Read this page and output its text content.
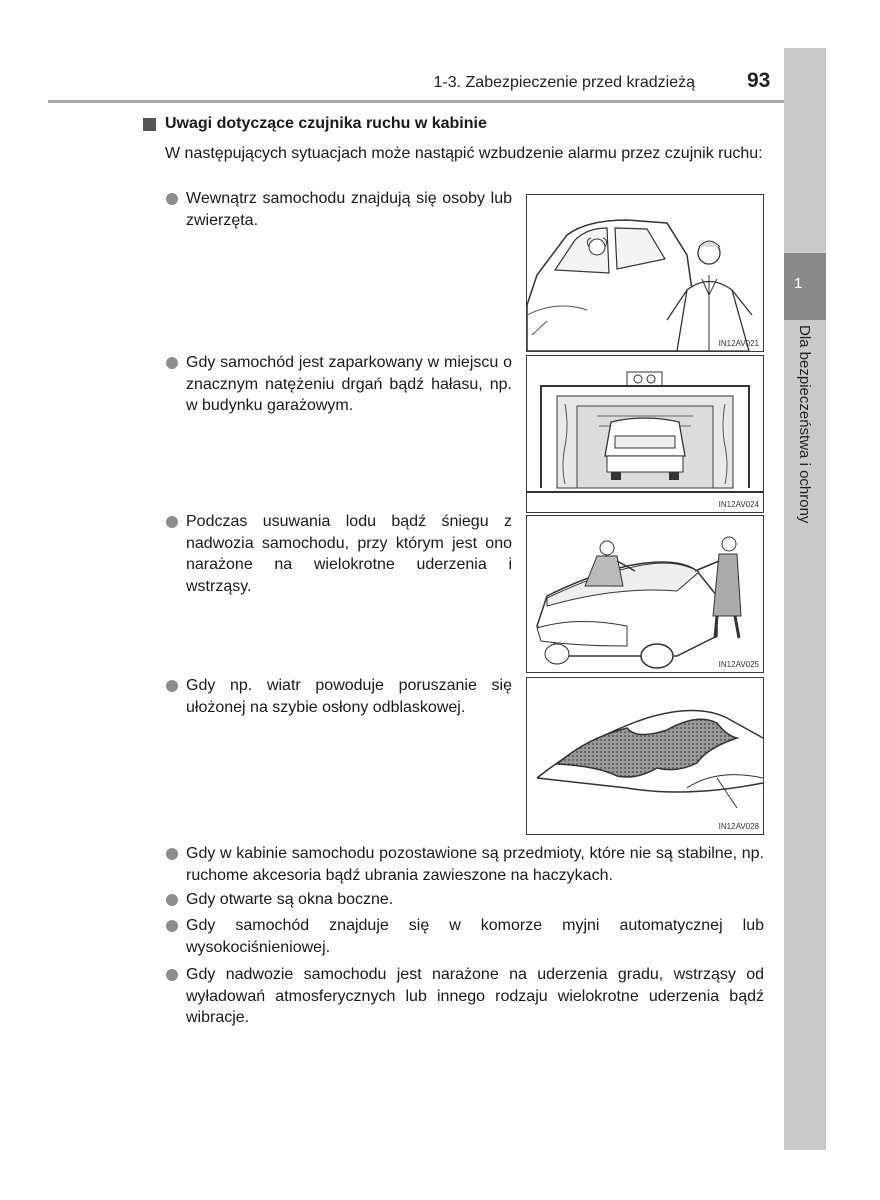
1-3. Zabezpieczenie przed kradzieżą 93
1
Dla bezpieczeństwa i ochrony
Uwagi dotyczące czujnika ruchu w kabinie
W następujących sytuacjach może nastąpić wzbudzenie alarmu przez czujnik ruchu:
Wewnątrz samochodu znajdują się osoby lub zwierzęta.
Gdy samochód jest zaparkowany w miejscu o znacznym natężeniu drgań bądź hałasu, np. w budynku garażowym.
Podczas usuwania lodu bądź śniegu z nadwozia samochodu, przy którym jest ono narażone na wielokrotne uderzenia i wstrząsy.
Gdy np. wiatr powoduje poruszanie się ułożonej na szybie osłony odblaskowej.
IN12AV021
IN12AV024
IN12AV025
IN12AV028
Gdy w kabinie samochodu pozostawione są przedmioty, które nie są stabilne, np. ruchome akcesoria bądź ubrania zawieszone na haczykach.
Gdy otwarte są okna boczne.
Gdy samochód znajduje się w komorze myjni automatycznej lub wysokociśnieniowej.
Gdy nadwozie samochodu jest narażone na uderzenia gradu, wstrząsy od wyładowań atmosferycznych lub innego rodzaju wielokrotne uderzenia bądź wibracje.
